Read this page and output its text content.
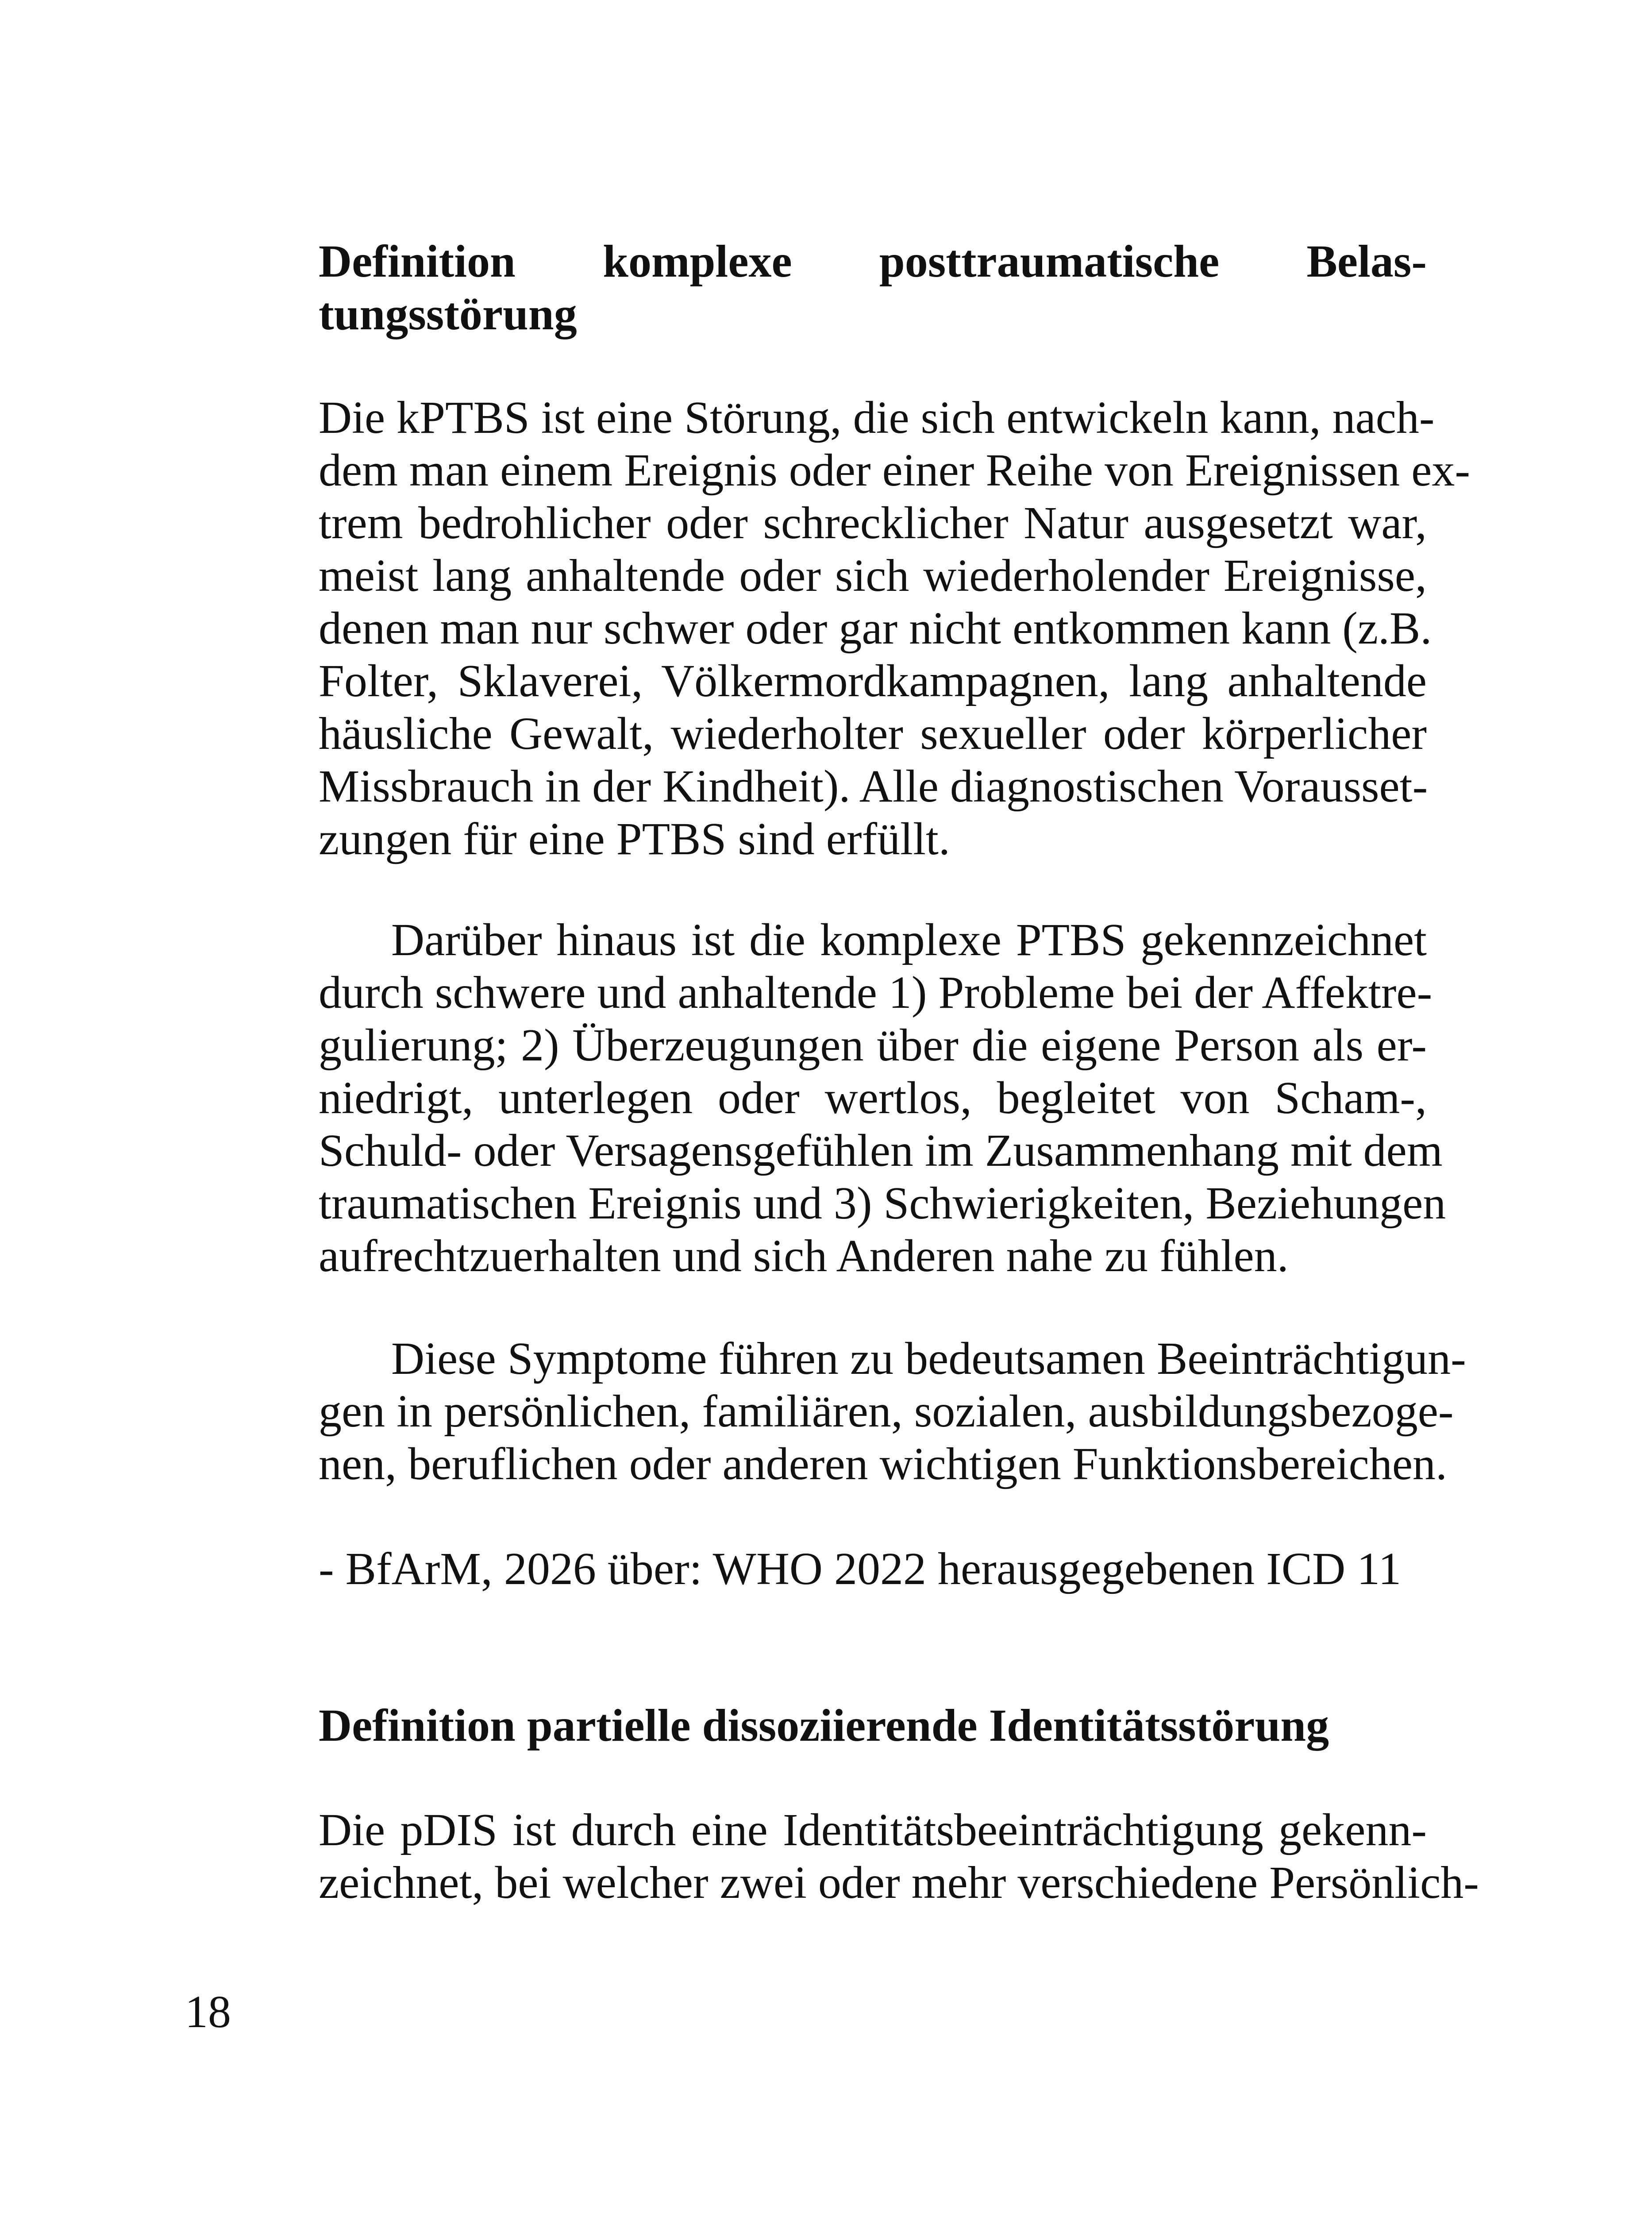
Definition komplexe posttraumatische Belas-
tungsstörung
Die kPTBS ist eine Störung, die sich entwickeln kann, nach-
dem man einem Ereignis oder einer Reihe von Ereignissen ex-
trem bedrohlicher oder schrecklicher Natur ausgesetzt war,
meist lang anhaltende oder sich wiederholender Ereignisse,
denen man nur schwer oder gar nicht entkommen kann (z.B.
Folter, Sklaverei, Völkermordkampagnen, lang anhaltende
häusliche Gewalt, wiederholter sexueller oder körperlicher
Missbrauch in der Kindheit). Alle diagnostischen Vorausset-
zungen für eine PTBS sind erfüllt.
Darüber hinaus ist die komplexe PTBS gekennzeichnet
durch schwere und anhaltende 1) Probleme bei der Affektre-
gulierung; 2) Überzeugungen über die eigene Person als er-
niedrigt, unterlegen oder wertlos, begleitet von Scham-,
Schuld- oder Versagensgefühlen im Zusammenhang mit dem
traumatischen Ereignis und 3) Schwierigkeiten, Beziehungen
aufrechtzuerhalten und sich Anderen nahe zu fühlen.
Diese Symptome führen zu bedeutsamen Beeinträchtigun-
gen in persönlichen, familiären, sozialen, ausbildungsbezoge-
nen, beruflichen oder anderen wichtigen Funktionsbereichen.
- BfArM, 2026 über: WHO 2022 herausgegebenen ICD 11
Definition partielle dissoziierende Identitätsstörung
Die pDIS ist durch eine Identitätsbeeinträchtigung gekenn-
zeichnet, bei welcher zwei oder mehr verschiedene Persönlich-
18
